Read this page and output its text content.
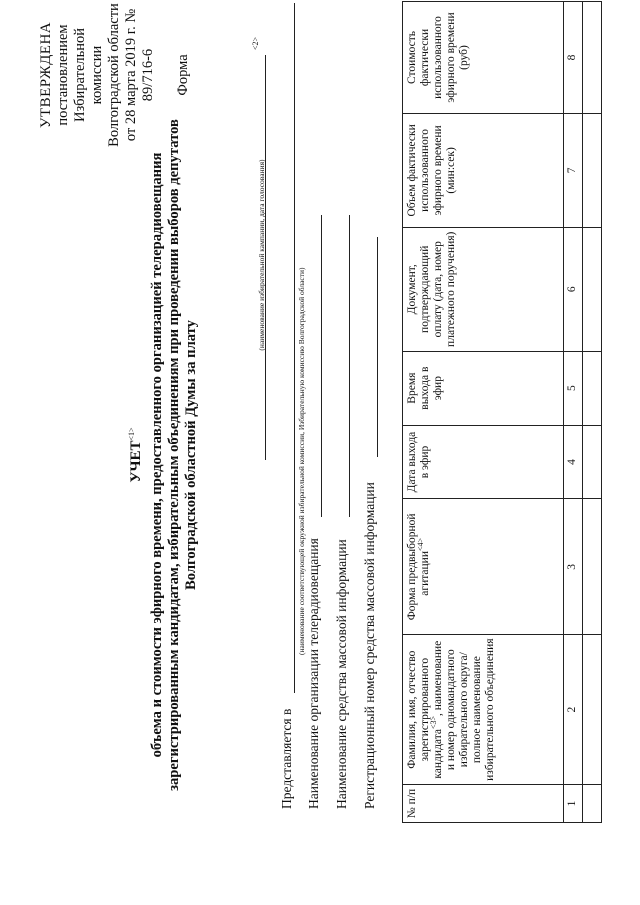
УТВЕРЖДЕНА постановлением Избирательной комиссии Волгоградской области от 28 марта 2019 г. № 89/716-6 Форма
$УЧЕТ^{<1>}$ объема и стоимости эфирного времени, предоставленного организацией телерадиовещания зарегистрированным кандидатам, избирательным объединениям при проведении выборов депутатов Волгоградской областной Думы за плату
<2>
(наименование избирательной кампании, дата голосования)
Представляется в
(наименование соответствующей окружной избирательной комиссии, Избирательную комиссию Волгоградской области)
Наименование организации телерадиовещания Наименование средства массовой информации Регистрационный номер средства массовой информации	№ п/п	Фамилия, имя, отчество зарегистрированного кандидата$^{<3>}$, наименование и номер одномандатного избирательного округа/ полное наименование избирательного объединения	Форма предвыборной агитации$^{<4>}$	Дата выхода в эфир	Время выхода в эфир	Документ, подтверждающий оплату (дата, номер платежного поручения)	Объем фактически использованного эфирного времени (мин:сек)	Стоимость фактически использованного эфирного времени (руб)
1	2	3	4	5	6	7	8
